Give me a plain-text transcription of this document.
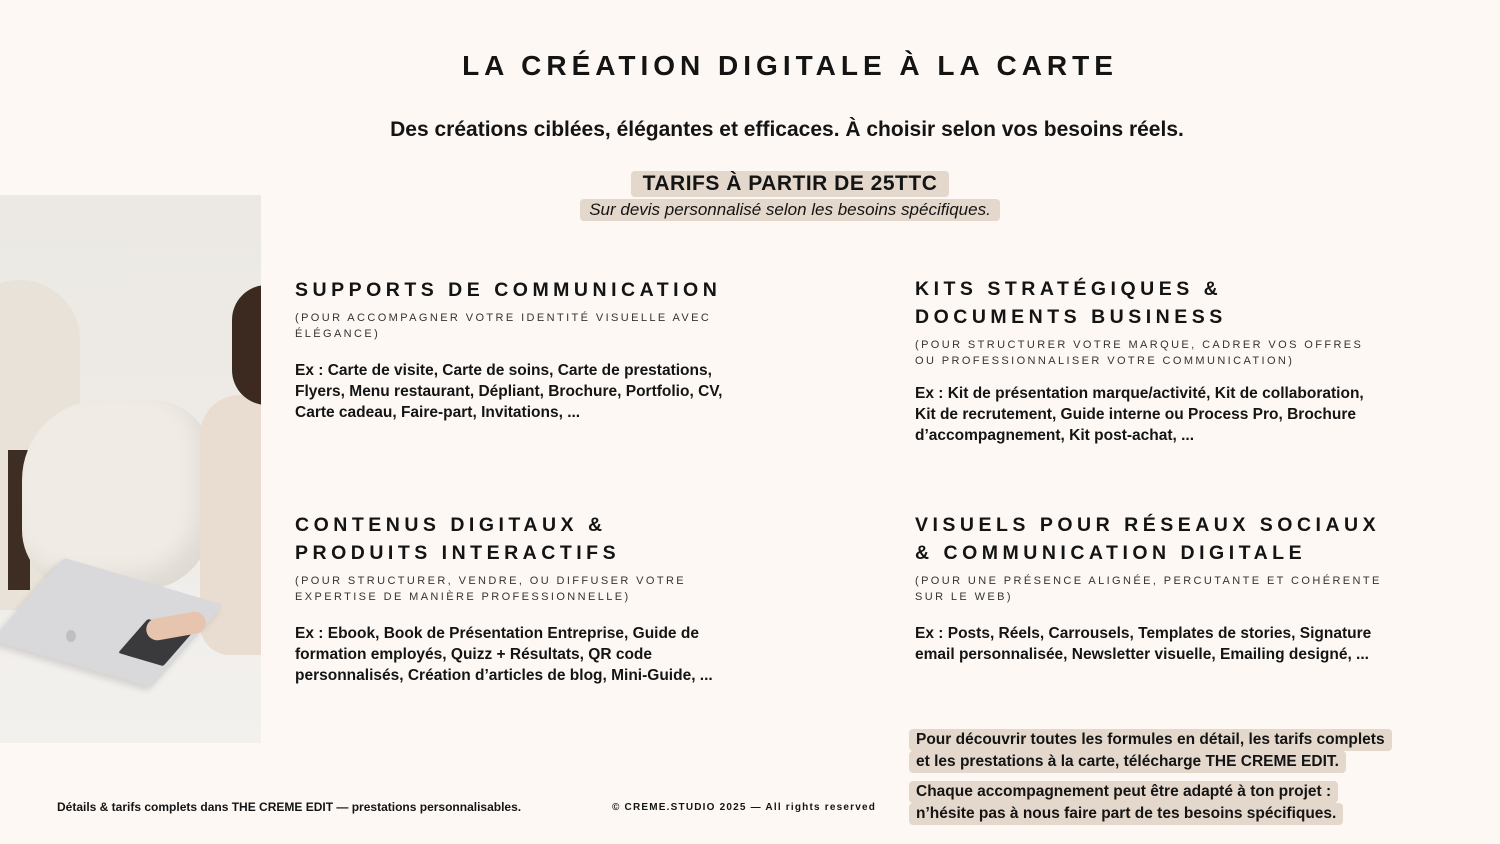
LA CRÉATION DIGITALE À LA CARTE
Des créations ciblées, élégantes et efficaces. À choisir selon vos besoins réels.
TARIFS À PARTIR DE 25TTC
Sur devis personnalisé selon les besoins spécifiques.
SUPPORTS DE COMMUNICATION
(POUR ACCOMPAGNER VOTRE IDENTITÉ VISUELLE AVEC ÉLÉGANCE)
Ex : Carte de visite, Carte de soins, Carte de prestations, Flyers, Menu restaurant, Dépliant, Brochure, Portfolio, CV, Carte cadeau, Faire-part, Invitations, ...
KITS STRATÉGIQUES &
DOCUMENTS BUSINESS
(POUR STRUCTURER VOTRE MARQUE, CADRER VOS OFFRES OU PROFESSIONNALISER VOTRE COMMUNICATION)
Ex : Kit de présentation marque/activité, Kit de collaboration, Kit de recrutement, Guide interne ou Process Pro, Brochure d’accompagnement, Kit post-achat, ...
CONTENUS DIGITAUX &
PRODUITS INTERACTIFS
(POUR STRUCTURER, VENDRE, OU DIFFUSER VOTRE EXPERTISE DE MANIÈRE PROFESSIONNELLE)
Ex : Ebook, Book de Présentation Entreprise, Guide de formation employés, Quizz + Résultats, QR code personnalisés, Création d’articles de blog, Mini-Guide, ...
VISUELS POUR RÉSEAUX SOCIAUX
& COMMUNICATION DIGITALE
(POUR UNE PRÉSENCE ALIGNÉE, PERCUTANTE ET COHÉRENTE SUR LE WEB)
Ex : Posts, Réels, Carrousels, Templates de stories, Signature email personnalisée, Newsletter visuelle, Emailing designé, ...
Pour découvrir toutes les formules en détail, les tarifs complets
et les prestations à la carte, télécharge THE CREME EDIT.
Chaque accompagnement peut être adapté à ton projet :
n’hésite pas à nous faire part de tes besoins spécifiques.
Détails & tarifs complets dans THE CREME EDIT — prestations personnalisables.	© CREME.STUDIO 2025 — All rights reserved
